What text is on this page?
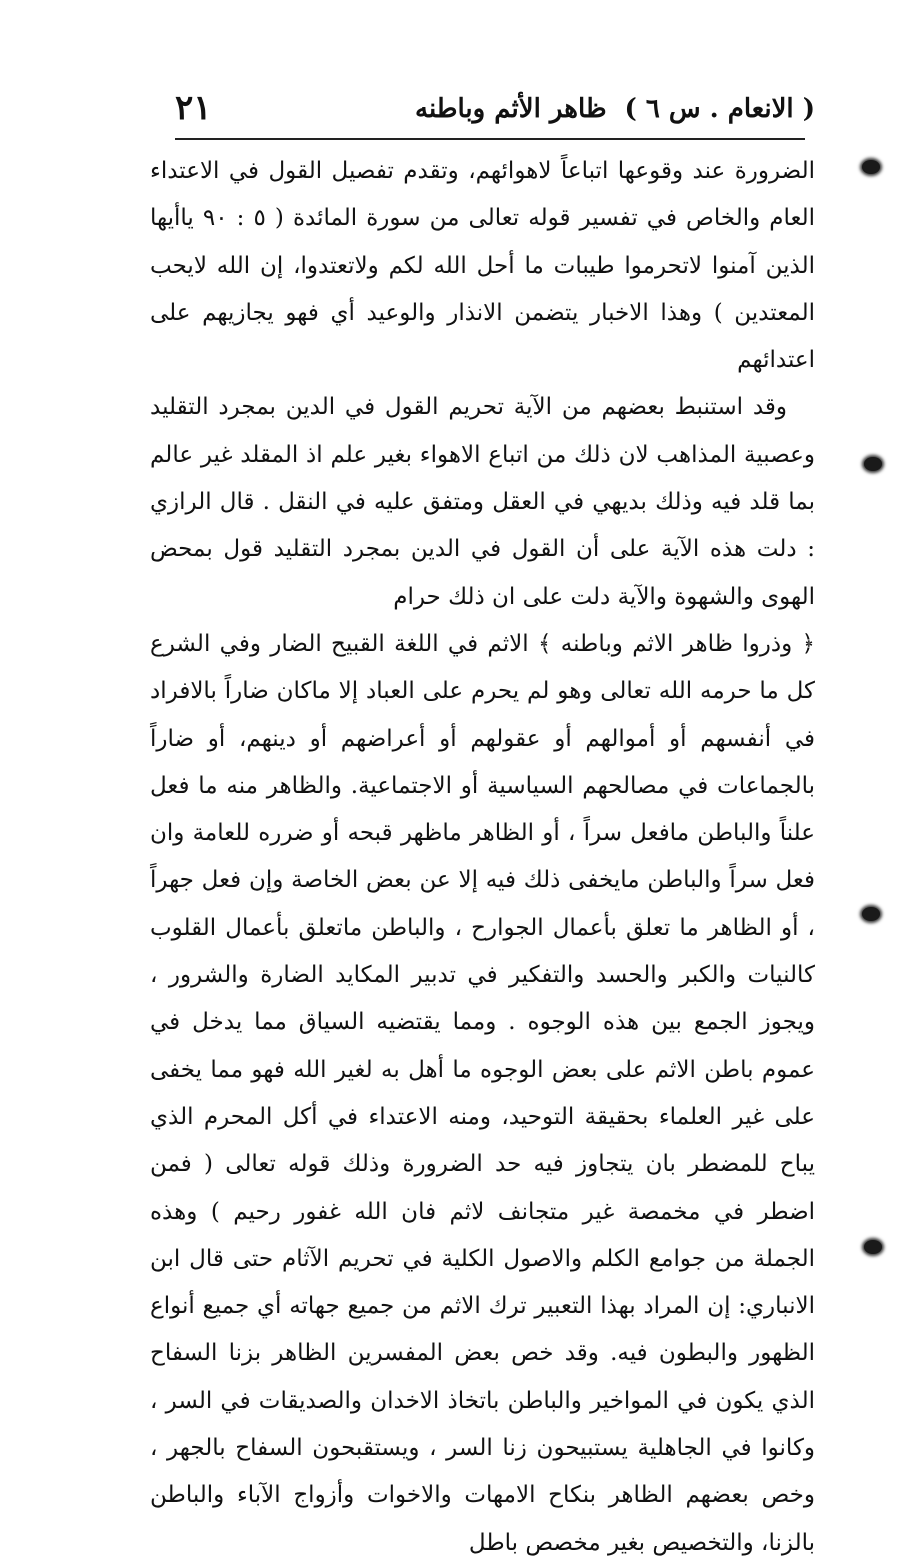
( الانعام . س ٦ )
ظاهر الأثم وباطنه
٢١

الضرورة عند وقوعها اتباعاً لاهوائهم، وتقدم تفصيل القول في الاعتداء العام والخاص في تفسير قوله تعالى من سورة المائدة ( ٥ : ٩٠ ياأيها الذين آمنوا لاتحرموا طيبات ما أحل الله لكم ولاتعتدوا، إن الله لايحب المعتدين ) وهذا الاخبار يتضمن الانذار والوعيد أي فهو يجازيهم على اعتدائهم

وقد استنبط بعضهم من الآية تحريم القول في الدين بمجرد التقليد وعصبية المذاهب لان ذلك من اتباع الاهواء بغير علم اذ المقلد غير عالم بما قلد فيه وذلك بديهي في العقل ومتفق عليه في النقل . قال الرازي : دلت هذه الآية على أن القول في الدين بمجرد التقليد قول بمحض الهوى والشهوة والآية دلت على ان ذلك حرام

﴿ وذروا ظاهر الاثم وباطنه ﴾ الاثم في اللغة القبيح الضار وفي الشرع كل ما حرمه الله تعالى وهو لم يحرم على العباد إلا ماكان ضاراً بالافراد في أنفسهم أو أموالهم أو عقولهم أو أعراضهم أو دينهم، أو ضاراً بالجماعات في مصالحهم السياسية أو الاجتماعية. والظاهر منه ما فعل علناً والباطن مافعل سراً ، أو الظاهر ماظهر قبحه أو ضرره للعامة وان فعل سراً والباطن مايخفى ذلك فيه إلا عن بعض الخاصة وإن فعل جهراً ، أو الظاهر ما تعلق بأعمال الجوارح ، والباطن ماتعلق بأعمال القلوب كالنيات والكبر والحسد والتفكير في تدبير المكايد الضارة والشرور ، ويجوز الجمع بين هذه الوجوه . ومما يقتضيه السياق مما يدخل في عموم باطن الاثم على بعض الوجوه ما أهل به لغير الله فهو مما يخفى على غير العلماء بحقيقة التوحيد، ومنه الاعتداء في أكل المحرم الذي يباح للمضطر بان يتجاوز فيه حد الضرورة وذلك قوله تعالى ( فمن اضطر في مخمصة غير متجانف لاثم فان الله غفور رحيم ) وهذه الجملة من جوامع الكلم والاصول الكلية في تحريم الآثام حتى قال ابن الانباري: إن المراد بهذا التعبير ترك الاثم من جميع جهاته أي جميع أنواع الظهور والبطون فيه. وقد خص بعض المفسرين الظاهر بزنا السفاح الذي يكون في المواخير والباطن باتخاذ الاخدان والصديقات في السر ، وكانوا في الجاهلية يستبيحون زنا السر ، ويستقبحون السفاح بالجهر ، وخص بعضهم الظاهر بنكاح الامهات والاخوات وأزواج الآباء والباطن بالزنا، والتخصيص بغير مخصص باطل
